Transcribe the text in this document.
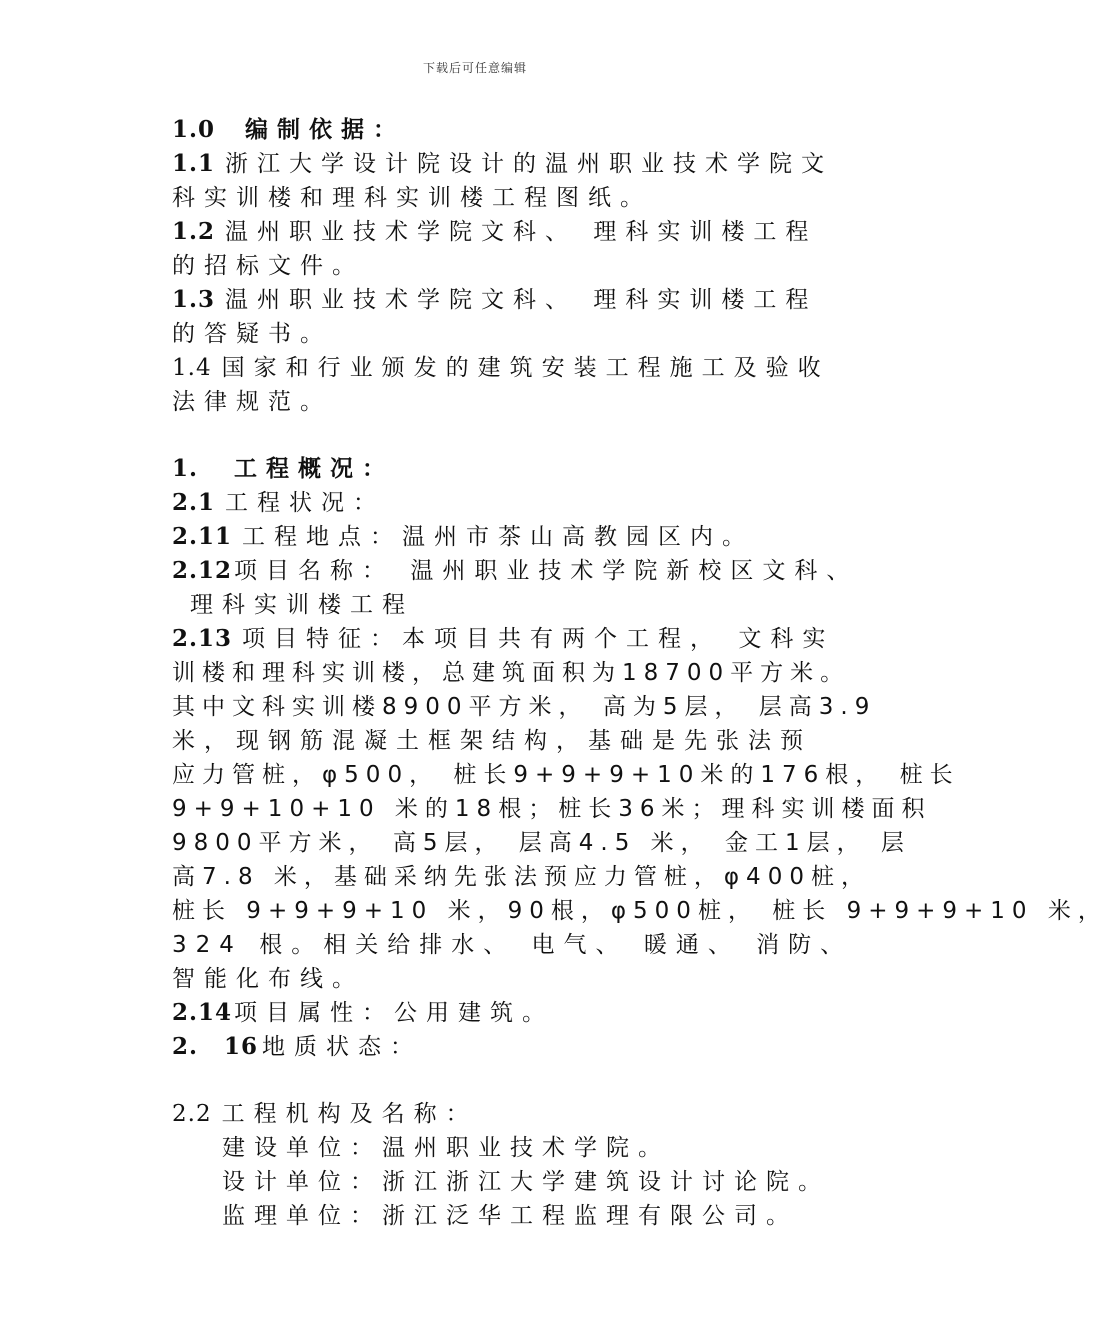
下载后可任意编辑
1.0 编制依据：
1.1 浙江大学设计院设计的温州职业技术学院文
科实训楼和理科实训楼工程图纸。
1.2 温州职业技术学院文科、 理科实训楼工程
的招标文件。
1.3 温州职业技术学院文科、 理科实训楼工程
的答疑书。
1.4 国家和行业颁发的建筑安装工程施工及验收
法律规范。
1. 工程概况：
2.1 工程状况：
2.11 工程地点：温州市茶山高教园区内。
2.12项目名称： 温州职业技术学院新校区文科、
理科实训楼工程
2.13 项目特征：本项目共有两个工程， 文科实
训楼和理科实训楼，总建筑面积为18700平方米。
其中文科实训楼8900平方米， 高为5层， 层高3.9
米，现钢筋混凝土框架结构，基础是先张法预
应力管桩，φ500， 桩长9+9+9+10米的176根， 桩长
9+9+10+10 米的18根；桩长36米；理科实训楼面积
9800平方米， 高5层， 层高4.5 米， 金工1层， 层
高7.8 米，基础采纳先张法预应力管桩，φ400桩，
桩长 9+9+9+10 米，90根，φ500桩， 桩长 9+9+9+10 米，
324 根。相关给排水、 电气、 暖通、 消防、
智能化布线。
2.14项目属性：公用建筑。
2. 16 地质状态：
2.2 工程机构及名称：
建设单位：温州职业技术学院。
设计单位：浙江浙江大学建筑设计讨论院。
监理单位：浙江泛华工程监理有限公司。
